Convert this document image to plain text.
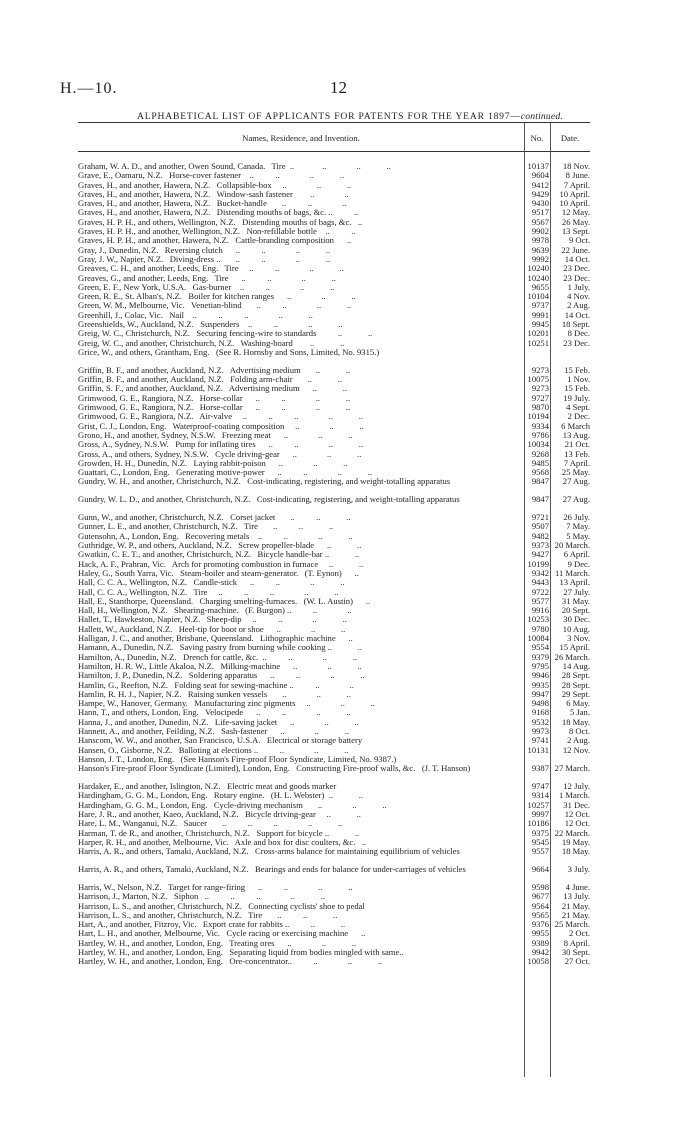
H.—10.	12
ALPHABETICAL LIST OF APPLICANTS FOR PATENTS FOR THE YEAR 1897—continued.
Names, Residence, and Invention.	No.	Date.
Graham, W. A. D., and another, Owen Sound, Canada.   Tire  ..             ..              ..            ..	10137	18 Nov.
Grave, E., Oamaru, N.Z.   Horse-cover fastener    ..          ..              ..            ..	9604	8 June.
Graves, H., and another, Hawera, N.Z.   Collapsible-box     ..              ..            ..	9412	7 April.
Graves, H., and another, Hawera, N.Z.   Window-sash fastener        ..              ..	9429	10 April.
Graves, H., and another, Hawera, N.Z.   Bucket-handle       ..          ..              ..	9430	10 April.
Graves, H., and another, Hawera, N.Z.   Distending mouths of bags, &c. ..          ..	9517	12 May.
Graves, H. P. H., and others, Wellington, N.Z.   Distending mouths of bags, &c.   ..	9567	26 May.
Graves, H. P. H., and another, Wellington, N.Z.   Non-refillable bottle    ..          ..	9902	13 Sept.
Graves, H. P. H., and another, Hawera, N.Z.   Cattle-branding composition      ..	9978	9 Oct.
Gray, J., Dunedin, N.Z.   Reversing clutch      ..          ..              ..            ..	9639	22 June.
Gray, J. W., Napier, N.Z.   Diving-dress ..       ..          ..              ..            ..	9992	14 Oct.
Greaves, C. H., and another, Leeds, Eng.   Tire     ..          ..              ..            ..	10240	23 Dec.
Greaves, G., and another, Leeds, Eng.   Tire      ..          ..              ..            ..	10240	23 Dec.
Green, E. F., New York, U.S.A.   Gas-burner    ..          ..              ..            ..	9655	1 July.
Green, R. E., St. Alban's, N.Z.   Boiler for kitchen ranges      ..              ..            ..	10104	4 Nov.
Green, W. M., Melbourne, Vic.   Venetian-blind       ..          ..              ..            ..	9737	2 Aug.
Greenhill, J., Colac, Vic.   Nail    ..          ..          ..              ..            ..	9991	14 Oct.
Greenshields, W., Auckland, N.Z.   Suspenders    ..          ..              ..            ..	9945	18 Sept.
Greig, W. C., Christchurch, N.Z.   Securing fencing-wire to standards          ..            ..	10201	8 Dec.
Greig, W. C., and another, Christchurch, N.Z.   Washing-board        ..            ..	10251	23 Dec.
Grice, W., and others, Grantham, Eng.   (See R. Hornsby and Sons, Limited, No. 9315.)
Griffin, B. F., and another, Auckland, N.Z.   Advertising medium       ..            ..	9273	15 Feb.
Griffin, B. F., and another, Auckland, N.Z.   Folding arm-chair       ..            ..	10075	1 Nov.
Griffin, S. F., and another, Auckland, N.Z.   Advertising medium      ..            ..	9273	15 Feb.
Grimwood, G. E., Rangiora, N.Z.   Horse-collar      ..          ..              ..            ..	9727	19 July.
Grimwood, G. E., Rangiora, N.Z.   Horse-collar      ..          ..              ..            ..	9870	4 Sept.
Grimwood, G. E., Rangiora, N.Z.   Air-valve     ..          ..          ..              ..            ..	10194	2 Dec.
Grist, C. J., London, Eng.   Waterproof-coating composition     ..              ..            ..	9334	6 March
Grono, H., and another, Sydney, N.S.W.   Freezing meat      ..              ..            ..	9786	13 Aug.
Gross, A., Sydney, N.S.W.   Pump for inflating tires      ..          ..              ..            ..	10034	21 Oct.
Gross, A., and others, Sydney, N.S.W.   Cycle driving-gear      ..              ..            ..	9268	13 Feb.
Growden, H. H., Dunedin, N.Z.   Laying rabbit-poison      ..              ..            ..	9485	7 April.
Guattari, C., London, Eng.   Generating motive-power      ..          ..              ..            ..	9568	25 May.
Gundry, W. H., and another, Christchurch, N.Z.   Cost-indicating, registering, and weight-totalling apparatus	9847	27 Aug.
Gundry, W. L. D., and another, Christchurch, N.Z.   Cost-indicating, registering, and weight-totalling apparatus	9847	27 Aug.
Gunn, W., and another, Christchurch, N.Z.   Corset jacket       ..          ..            ..	9721	26 July.
Gunner, L. E., and another, Christchurch, N.Z.   Tire       ..          ..            ..	9507	7 May.
Gutensohn, A., London, Eng.   Recovering metals    ..          ..              ..            ..	9482	5 May.
Guthridge, W. P., and others, Auckland, N.Z.   Screw propeller-blade      ..            ..	9373 20 March.
Gwatkin, C. E. T., and another, Christchurch, N.Z.   Bicycle handle-bar ..            ..	9427	6 April.
Hack, A. F., Prahran, Vic.   Arch for promoting combustion in furnace     ..            ..	10199	9 Dec.
Haley, G., South Yarra, Vic.   Steam-boiler and steam-generator.   (T. Eynon)      ..	9342 11 March.
Hall, C. C. A., Wellington, N.Z.   Candle-stick      ..          ..              ..            ..	9443	13 April.
Hall, C. C. A., Wellington, N.Z.   Tire     ..          ..          ..              ..            ..	9722	27 July.
Hall, E., Stanthorpe, Queensland.   Charging smelting-furnaces.   (W. L. Austin)      ..	9577	31 May.
Hall, H., Wellington, N.Z.   Shearing-machine.   (F. Burgon) ..          ..              ..	9916	20 Sept.
Hallet, T., Hawkeston, Napier, N.Z.   Sheep-dip     ..          ..              ..            ..	10253	30 Dec.
Hallett, W., Auckland, N.Z.   Heel-tip for boot or shoe      ..              ..            ..	9780	10 Aug.
Halligan, J. C., and another, Brisbane, Queensland.   Lithographic machine      ..	10084	3 Nov.
Hamann, A., Dunedin, N.Z.   Saving pastry from burning while cooking ..            ..	9554	15 April.
Hamilton, A., Dunedin, N.Z.   Drench for cattle, &c.  ..          ..              ..            ..	9379 26 March.
Hamilton, H. R. W., Little Akaloa, N.Z.   Milking-machine      ..              ..            ..	9795	14 Aug.
Hamilton, J. P., Dunedin, N.Z.   Soldering apparatus      ..          ..              ..            ..	9946	28 Sept.
Hamlin, G., Reefton, N.Z.   Folding seat for sewing-machine ..          ..              ..	9935	28 Sept.
Hamlin, R. H. J., Napier, N.Z.   Raising sunken vessels       ..              ..            ..	9947	29 Sept.
Hampe, W., Hanover, Germany.   Manufacturing zinc pigments     ..              ..            ..	9498	6 May.
Hann, T., and others, London, Eng.   Velocipede      ..          ..              ..            ..	9168	5 Jan.
Hanna, J., and another, Dunedin, N.Z.   Life-saving jacket      ..              ..            ..	9532	18 May.
Hannett, A., and another, Feilding, N.Z.   Sash-fastener      ..              ..            ..	9973	8 Oct.
Hanscom, W. W., and another, San Francisco, U.S.A.   Electrical or storage battery	9741	2 Aug.
Hansen, O., Gisborne, N.Z.   Balloting at elections ..          ..              ..            ..	10131	12 Nov.
Hanson, J. T., London, Eng.   (See Hanson's Fire-proof Floor Syndicate, Limited, No. 9387.)
Hanson's Fire-proof Floor Syndicate (Limited), London, Eng.   Constructing Fire-proof walls, &c.   (J. T. Hanson)	9387 27 March.
Hardaker, E., and another, Islington, N.Z.   Electric meat and goods marker	9747	12 July.
Hardingham, G. G. M., London, Eng.   Rotary engine.   (H. L. Webster)  ..            ..	9314	1 March.
Hardingham, G. G. M., London, Eng.   Cycle-driving mechanism       ..              ..            ..	10257	31 Dec.
Hare, J. R., and another, Kaeo, Auckland, N.Z.   Bicycle driving-gear     ..            ..	9997	12 Oct.
Hare, L. M., Wanganui, N.Z.   Saucer       ..          ..          ..              ..            ..	10186	12 Oct.
Harman, T. de R., and another, Christchurch, N.Z.   Support for bicycle ..            ..	9375 22 March.
Harper, R. H., and another, Melbourne, Vic.   Axle and box for disc coulters, &c.   ..	9545	19 May.
Harris, A. R., and others, Tamaki, Auckland, N.Z.   Cross-arms balance for maintaining equilibrium of vehicles	9557	18 May.
Harris, A. R., and others, Tamaki, Auckland, N.Z.   Bearings and ends for balance for under-carriages of vehicles	9664	3 July.
Harris, W., Nelson, N.Z.   Target for range-firing      ..          ..              ..            ..	9598	4 June.
Harrison, J., Marton, N.Z.   Siphon   ..          ..          ..              ..            ..	9677	13 July.
Harrison, L. S., and another, Christchurch, N.Z.   Connecting cyclists' shoe to pedal	9564	21 May.
Harrison, L. S., and another, Christchurch, N.Z.   Tire       ..          ..            ..	9565	21 May.
Hart, A., and another, Fitzroy, Vic.   Export crate for rabbits ..          ..            ..	9376 25 March.
Hart, L. H., and another, Melbourne, Vic.   Cycle racing or exercising machine      ..	9955	2 Oct.
Hartley, W. H., and another, London, Eng.   Treating ores      ..              ..            ..	9389	8 April.
Hartley, W. H., and another, London, Eng.   Separating liquid from bodies mingled with same..	9942	30 Sept.
Hartley, W. H., and another, London, Eng.   Ore-concentrator..          ..              ..            ..	10058	27 Oct.
